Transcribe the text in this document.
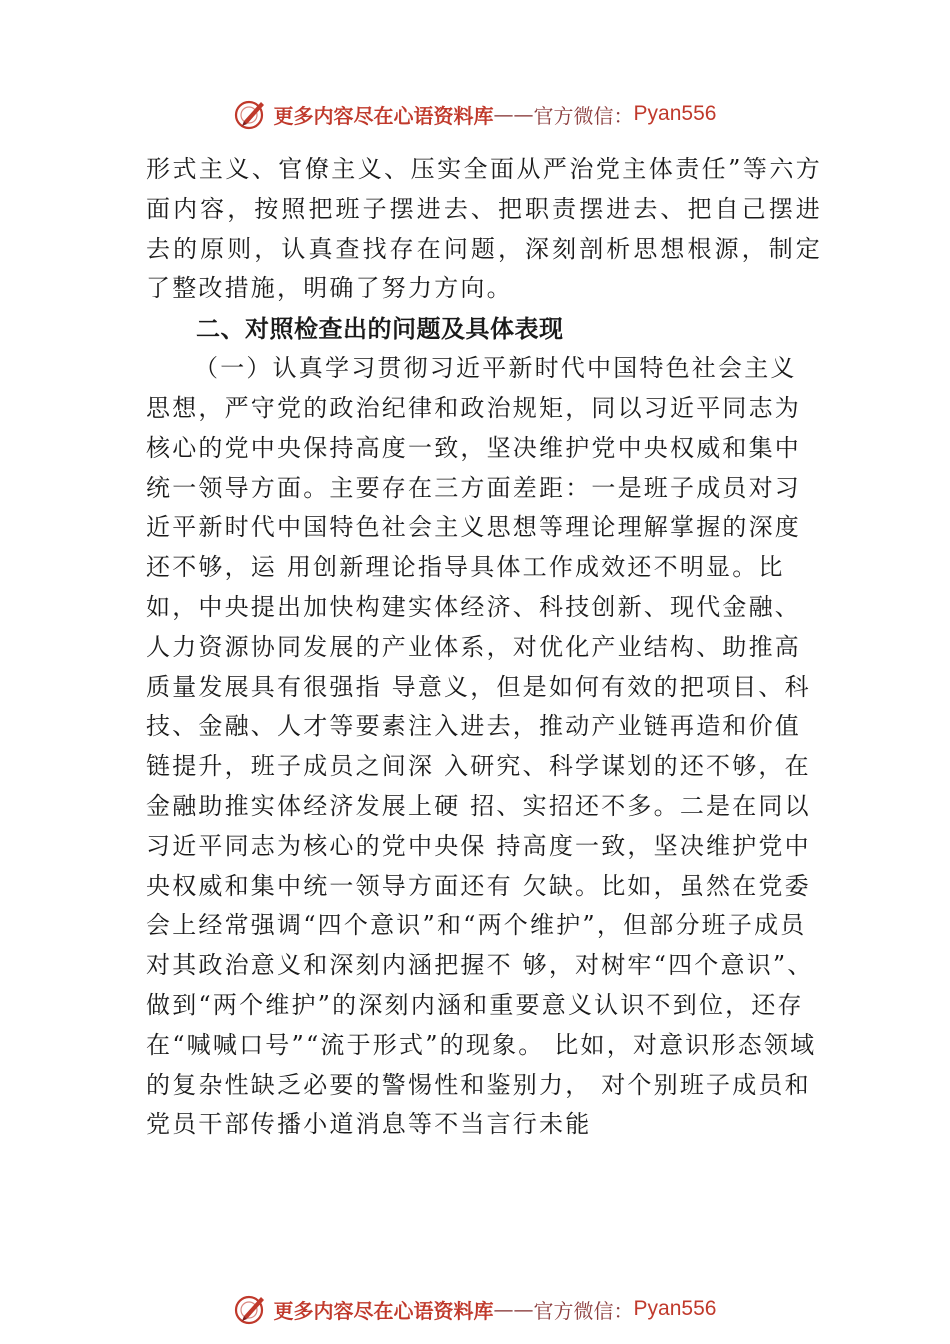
更多内容尽在心语资料库 —— 官方微信： Pyan556

形式主义、官僚主义、压实全面从严治党主体责任”等六方面内容，按照把班子摆进去、把职责摆进去、把自己摆进去的原则，认真查找存在问题，深刻剖析思想根源，制定了整改措施，明确了努力方向。

二、对照检查出的问题及具体表现

（一）认真学习贯彻习近平新时代中国特色社会主义思想，严守党的政治纪律和政治规矩，同以习近平同志为核心的党中央保持高度一致，坚决维护党中央权威和集中统一领导方面。主要存在三方面差距：一是班子成员对习近平新时代中国特色社会主义思想等理论理解掌握的深度还不够，运 用创新理论指导具体工作成效还不明显。比如，中央提出加快构建实体经济、科技创新、现代金融、人力资源协同发展的产业体系，对优化产业结构、助推高质量发展具有很强指 导意义，但是如何有效的把项目、科技、金融、人才等要素注入进去，推动产业链再造和价值链提升，班子成员之间深 入研究、科学谋划的还不够，在金融助推实体经济发展上硬 招、实招还不多。二是在同以习近平同志为核心的党中央保 持高度一致，坚决维护党中央权威和集中统一领导方面还有 欠缺。比如，虽然在党委会上经常强调“四个意识”和“两个维护”，但部分班子成员对其政治意义和深刻内涵把握不 够，对树牢“四个意识”、做到“两个维护”的深刻内涵和重要意义认识不到位，还存在“喊喊口号”“流于形式”的现象。 比如，对意识形态领域的复杂性缺乏必要的警惕性和鉴别力， 对个别班子成员和党员干部传播小道消息等不当言行未能

更多内容尽在心语资料库 —— 官方微信： Pyan556
